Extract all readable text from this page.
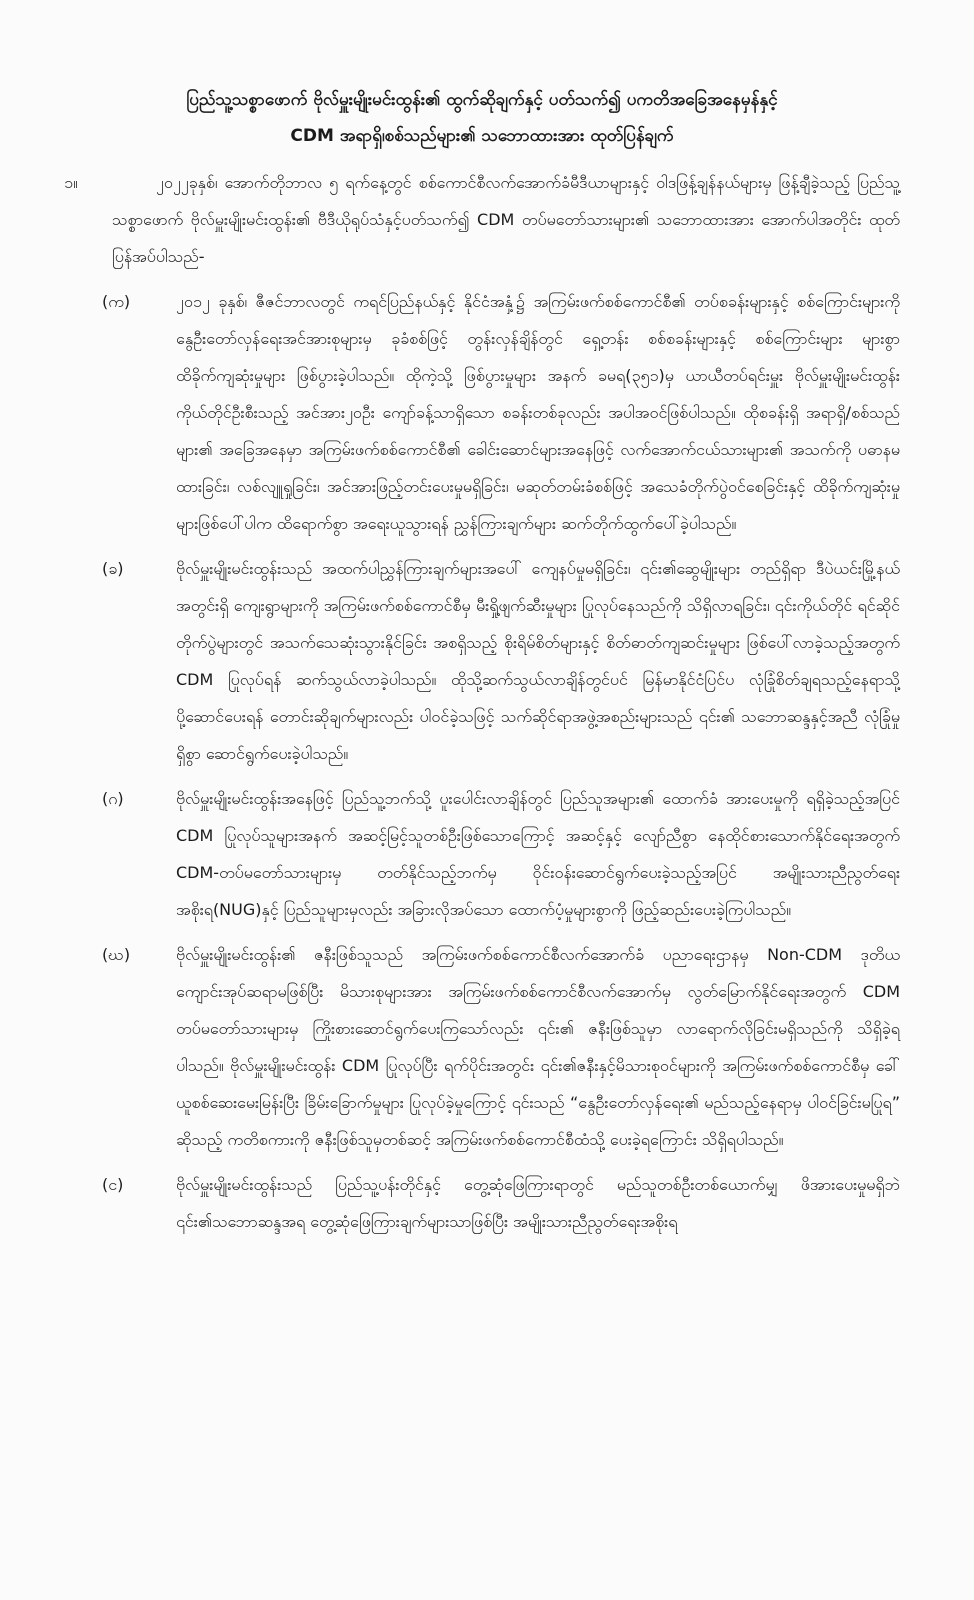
ပြည်သူ့သစ္စာဖောက် ဗိုလ်မှူးမျိုးမင်းထွန်း၏ ထွက်ဆိုချက်နှင့် ပတ်သက်၍ ပကတိအခြေအနေမှန်နှင့်
CDM အရာရှိ၊စစ်သည်များ၏ သဘောထားအား ထုတ်ပြန်ချက်
၁။	၂၀၂၂ခုနှစ်၊ အောက်တိုဘာလ ၅ ရက်နေ့တွင် စစ်ကောင်စီလက်အောက်ခံမီဒီယာများနှင့် ဝါဒဖြန့်ချန်နယ်များမှ ဖြန့်ချီခဲ့သည့် ပြည်သူ့သစ္စာဖောက် ဗိုလ်မှူးမျိုးမင်းထွန်း၏ ဗီဒီယိုရုပ်သံနှင့်ပတ်သက်၍ CDM တပ်မတော်သားများ၏ သဘောထားအား အောက်ပါအတိုင်း ထုတ်ပြန်အပ်ပါသည်-
(က)	၂၀၁၂ ခုနှစ်၊ ဇီဇင်ဘာလတွင် ကရင်ပြည်နယ်နှင့် နိုင်ငံအနှံ့၌ အကြမ်းဖက်စစ်ကောင်စီ၏ တပ်စခန်းများနှင့် စစ်ကြောင်းများကို နွေဦးတော်လှန်ရေးအင်အားစုများမှ ခုခံစစ်ဖြင့် တွန်းလှန်ချိန်တွင် ရှေ့တန်း စစ်စခန်းများနှင့် စစ်ကြောင်းများ များစွာထိခိုက်ကျဆုံးမှုများ ဖြစ်ပွားခဲ့ပါသည်။ ထိုကဲ့သို့ ဖြစ်ပွားမှုများ အနက် ခမရ(၃၅၁)မှ ယာယီတပ်ရင်းမှူး ဗိုလ်မှူးမျိုးမင်းထွန်း ကိုယ်တိုင်ဦးစီးသည့် အင်အား၂၀ဦး ကျော်ခန့်သာရှိသော စခန်းတစ်ခုလည်း အပါအဝင်ဖြစ်ပါသည်။ ထိုစခန်းရှိ အရာရှိ/စစ်သည်များ၏ အခြေအနေမှာ အကြမ်းဖက်စစ်ကောင်စီ၏ ခေါင်းဆောင်များအနေဖြင့် လက်အောက်ငယ်သားများ၏ အသက်ကို ပဓာနမထားခြင်း၊ လစ်လျူရှုခြင်း၊ အင်အားဖြည့်တင်းပေးမှုမရှိခြင်း၊ မဆုတ်တမ်းခံစစ်ဖြင့် အသေခံတိုက်ပွဲဝင်စေခြင်းနှင့် ထိခိုက်ကျဆုံးမှုများဖြစ်ပေါ်ပါက ထိရောက်စွာ အရေးယူသွားရန် ညွှန်ကြားချက်များ ဆက်တိုက်ထွက်ပေါ်ခဲ့ပါသည်။
(ခ)	ဗိုလ်မှူးမျိုးမင်းထွန်းသည် အထက်ပါညွှန်ကြားချက်များအပေါ် ကျေနပ်မှုမရှိခြင်း၊ ၎င်း၏ဆွေမျိုးများ တည်ရှိရာ ဒီပဲယင်းမြို့နယ်အတွင်းရှိ ကျေးရွာများကို အကြမ်းဖက်စစ်ကောင်စီမှ မီးရှို့ဖျက်ဆီးမှုများ ပြုလုပ်နေသည်ကို သိရှိလာရခြင်း၊ ၎င်းကိုယ်တိုင် ရင်ဆိုင်တိုက်ပွဲများတွင် အသက်သေဆုံးသွားနိုင်ခြင်း အစရှိသည့် စိုးရိမ်စိတ်များနှင့် စိတ်ဓာတ်ကျဆင်းမှုများ ဖြစ်ပေါ်လာခဲ့သည့်အတွက် CDM ပြုလုပ်ရန် ဆက်သွယ်လာခဲ့ပါသည်။ ထိုသို့ဆက်သွယ်လာချိန်တွင်ပင် မြန်မာနိုင်ငံပြင်ပ လုံခြုံစိတ်ချရသည့်နေရာသို့ ပို့ဆောင်ပေးရန် တောင်းဆိုချက်များလည်း ပါဝင်ခဲ့သဖြင့် သက်ဆိုင်ရာအဖွဲ့အစည်းများသည် ၎င်း၏ သဘောဆန္ဒနှင့်အညီ လုံခြုံမှုရှိစွာ ဆောင်ရွက်ပေးခဲ့ပါသည်။
(ဂ)	ဗိုလ်မှူးမျိုးမင်းထွန်းအနေဖြင့် ပြည်သူ့ဘက်သို့ ပူးပေါင်းလာချိန်တွင် ပြည်သူအများ၏ ထောက်ခံ အားပေးမှုကို ရရှိခဲ့သည့်အပြင် CDM ပြုလုပ်သူများအနက် အဆင့်မြင့်သူတစ်ဦးဖြစ်သောကြောင့် အဆင့်နှင့် လျော်ညီစွာ နေထိုင်စားသောက်နိုင်ရေးအတွက် CDM-တပ်မတော်သားများမှ တတ်နိုင်သည့်ဘက်မှ ဝိုင်းဝန်းဆောင်ရွက်ပေးခဲ့သည့်အပြင် အမျိုးသားညီညွတ်ရေးအစိုးရ(NUG)နှင့် ပြည်သူများမှလည်း အခြားလိုအပ်သော ထောက်ပံ့မှုများစွာကို ဖြည့်ဆည်းပေးခဲ့ကြပါသည်။
(ဃ)	ဗိုလ်မှူးမျိုးမင်းထွန်း၏ ဇနီးဖြစ်သူသည် အကြမ်းဖက်စစ်ကောင်စီလက်အောက်ခံ ပညာရေးဌာနမှ Non-CDM ဒုတိယကျောင်းအုပ်ဆရာမဖြစ်ပြီး မိသားစုများအား အကြမ်းဖက်စစ်ကောင်စီလက်အောက်မှ လွတ်မြောက်နိုင်ရေးအတွက် CDM တပ်မတော်သားများမှ ကြိုးစားဆောင်ရွက်ပေးကြသော်လည်း ၎င်း၏ ဇနီးဖြစ်သူမှာ လာရောက်လိုခြင်းမရှိသည်ကို သိရှိခဲ့ရပါသည်။ ဗိုလ်မှူးမျိုးမင်းထွန်း CDM ပြုလုပ်ပြီး ရက်ပိုင်းအတွင်း ၎င်း၏ဇနီးနှင့်မိသားစုဝင်များကို အကြမ်းဖက်စစ်ကောင်စီမှ ခေါ်ယူစစ်ဆေးမေးမြန်းပြီး ခြိမ်းခြောက်မှုများ ပြုလုပ်ခဲ့မှုကြောင့် ၎င်းသည် “နွေဦးတော်လှန်ရေး၏ မည်သည့်နေရာမှ ပါဝင်ခြင်းမပြုရ” ဆိုသည့် ကတိစကားကို ဇနီးဖြစ်သူမှတစ်ဆင့် အကြမ်းဖက်စစ်ကောင်စီထံသို့ ပေးခဲ့ရကြောင်း သိရှိရပါသည်။
(င)	ဗိုလ်မှူးမျိုးမင်းထွန်းသည် ပြည်သူ့ပန်းတိုင်နှင့် တွေ့ဆုံဖြေကြားရာတွင် မည်သူတစ်ဦးတစ်ယောက်မျှ ဖိအားပေးမှုမရှိဘဲ ၎င်း၏သဘောဆန္ဒအရ တွေ့ဆုံဖြေကြားချက်များသာဖြစ်ပြီး အမျိုးသားညီညွတ်ရေးအစိုးရ
